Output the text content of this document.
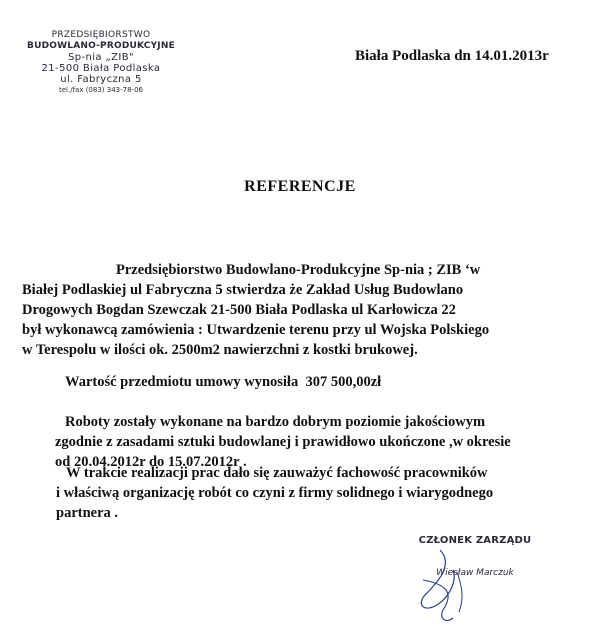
PRZEDSIĘBIORSTWO
BUDOWLANO-PRODUKCYJNE
Sp-nia „ZIB"
21-500 Biała Podlaska
ul. Fabryczna 5
tel./fax (083) 343-78-06
Biała Podlaska dn 14.01.2013r
REFERENCJE
Przedsiębiorstwo Budowlano-Produkcyjne Sp-nia ; ZIB ‘w
Białej Podlaskiej ul Fabryczna 5 stwierdza że Zakład Usług Budowlano
Drogowych Bogdan Szewczak 21-500 Biała Podlaska ul Karłowicza 22
był wykonawcą zamówienia : Utwardzenie terenu przy ul Wojska Polskiego
w Terespolu w ilości ok. 2500m2 nawierzchni z kostki brukowej.
Wartość przedmiotu umowy wynosiła  307 500,00zł
Roboty zostały wykonane na bardzo dobrym poziomie jakościowym
zgodnie z zasadami sztuki budowlanej i prawidłowo ukończone ,w okresie
od 20.04.2012r do 15.07.2012r .
W trakcie realizacji prac dało się zauważyć fachowość pracowników
i właściwą organizację robót co czyni z firmy solidnego i wiarygodnego
partnera .
CZŁONEK ZARZĄDU
Wiesław Marczuk
